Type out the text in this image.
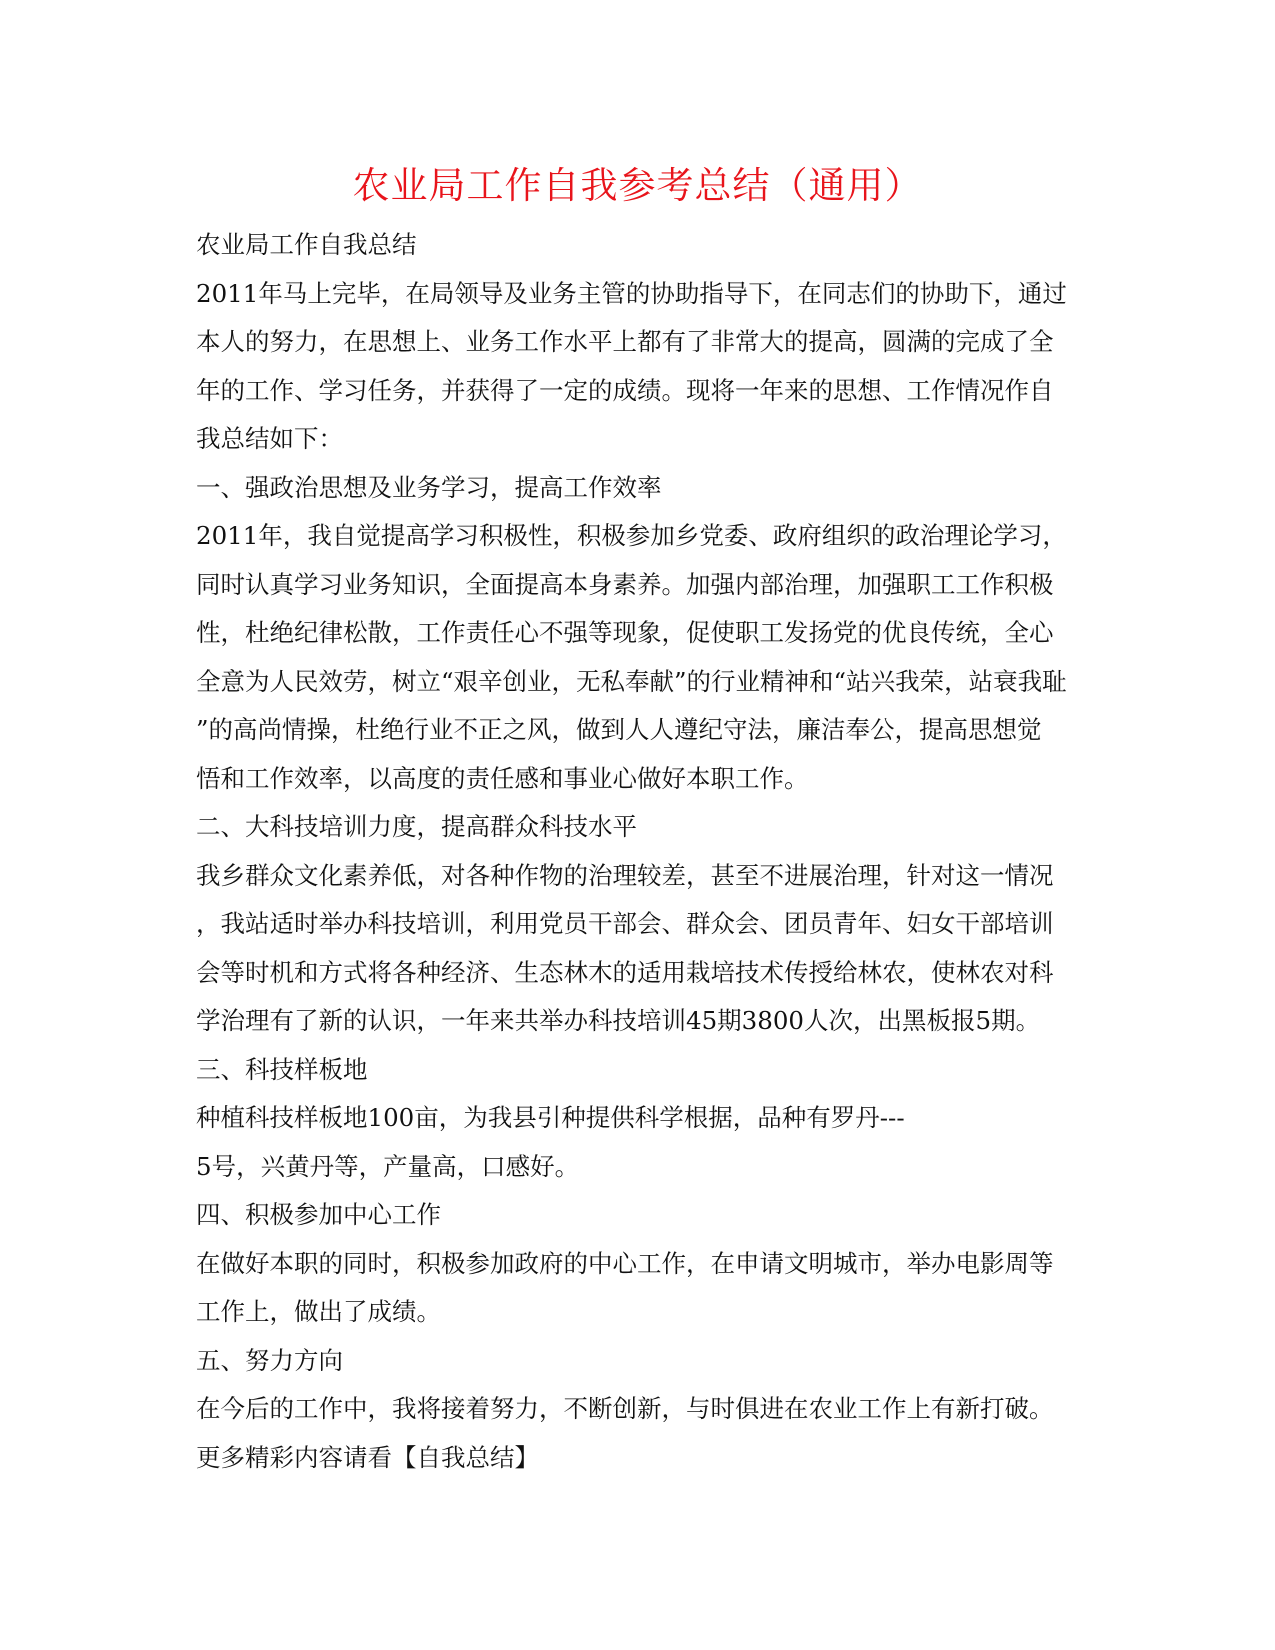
农业局工作自我参考总结（通用）
农业局工作自我总结
2011年马上完毕，在局领导及业务主管的协助指导下，在同志们的协助下，通过
本人的努力，在思想上、业务工作水平上都有了非常大的提高，圆满的完成了全
年的工作、学习任务，并获得了一定的成绩。现将一年来的思想、工作情况作自
我总结如下：
一、强政治思想及业务学习，提高工作效率
2011年，我自觉提高学习积极性，积极参加乡党委、政府组织的政治理论学习，
同时认真学习业务知识，全面提高本身素养。加强内部治理，加强职工工作积极
性，杜绝纪律松散，工作责任心不强等现象，促使职工发扬党的优良传统，全心
全意为人民效劳，树立“艰辛创业，无私奉献”的行业精神和“站兴我荣，站衰我耻
”的高尚情操，杜绝行业不正之风，做到人人遵纪守法，廉洁奉公，提高思想觉
悟和工作效率，以高度的责任感和事业心做好本职工作。
二、大科技培训力度，提高群众科技水平
我乡群众文化素养低，对各种作物的治理较差，甚至不进展治理，针对这一情况
，我站适时举办科技培训，利用党员干部会、群众会、团员青年、妇女干部培训
会等时机和方式将各种经济、生态林木的适用栽培技术传授给林农，使林农对科
学治理有了新的认识，一年来共举办科技培训45期3800人次，出黑板报5期。
三、科技样板地
种植科技样板地100亩，为我县引种提供科学根据，品种有罗丹---
5号，兴黄丹等，产量高，口感好。
四、积极参加中心工作
在做好本职的同时，积极参加政府的中心工作，在申请文明城市，举办电影周等
工作上，做出了成绩。
五、努力方向
在今后的工作中，我将接着努力，不断创新，与时俱进在农业工作上有新打破。
更多精彩内容请看【自我总结】
